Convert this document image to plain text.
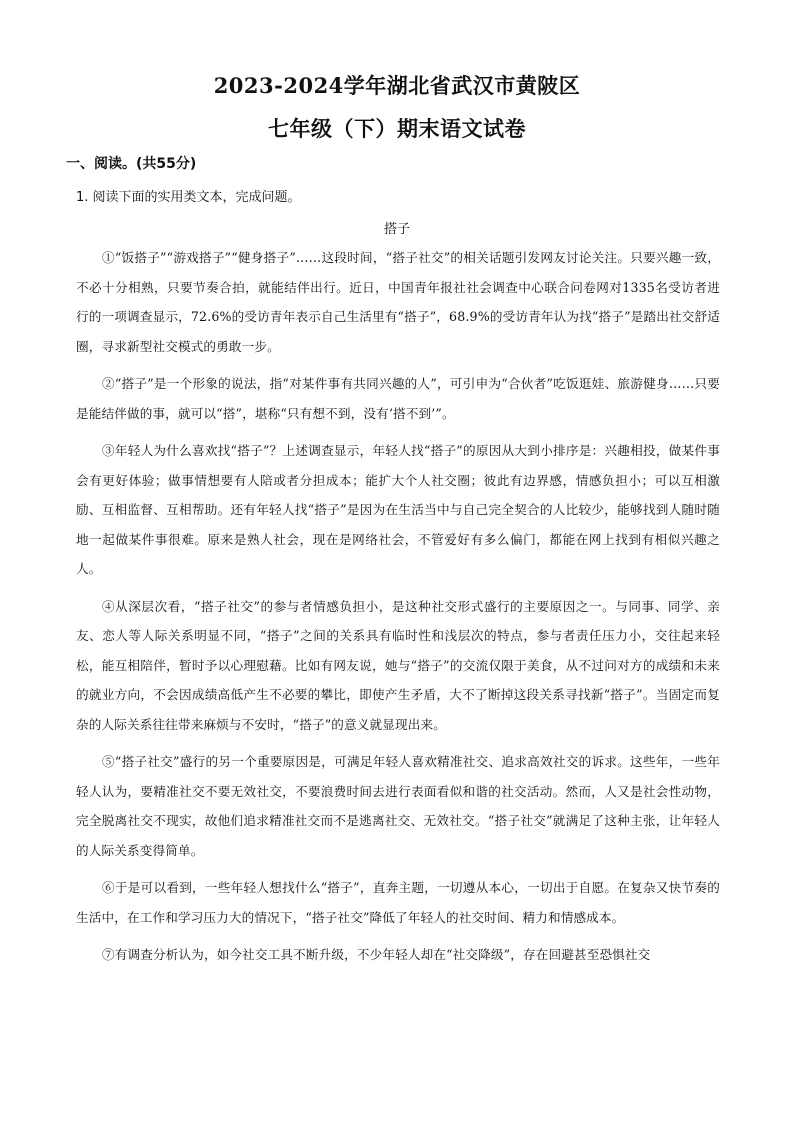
2023-2024学年湖北省武汉市黄陂区
七年级（下）期末语文试卷
一、阅读。(共55分)
1. 阅读下面的实用类文本，完成问题。
搭子

①“饭搭子”“游戏搭子”“健身搭子”……这段时间，“搭子社交”的相关话题引发网友讨论关注。只要兴趣一致，不必十分相熟，只要节奏合拍，就能结伴出行。近日，中国青年报社社会调查中心联合问卷网对1335名受访者进行的一项调查显示，72.6%的受访青年表示自己生活里有“搭子”，68.9%的受访青年认为找“搭子”是踏出社交舒适圈，寻求新型社交模式的勇敢一步。

②“搭子”是一个形象的说法，指“对某件事有共同兴趣的人”，可引申为“合伙者”吃饭逛娃、旅游健身……只要是能结伴做的事，就可以“搭”，堪称“只有想不到，没有‘搭不到’”。

③年轻人为什么喜欢找“搭子”？上述调查显示，年轻人找“搭子”的原因从大到小排序是：兴趣相投，做某件事会有更好体验；做事情想要有人陪或者分担成本；能扩大个人社交圈；彼此有边界感，情感负担小；可以互相激励、互相监督、互相帮助。还有年轻人找“搭子”是因为在生活当中与自己完全契合的人比较少，能够找到人随时随地一起做某件事很难。原来是熟人社会，现在是网络社会，不管爱好有多么偏门，都能在网上找到有相似兴趣之人。

④从深层次看，“搭子社交”的参与者情感负担小，是这种社交形式盛行的主要原因之一。与同事、同学、亲友、恋人等人际关系明显不同，“搭子”之间的关系具有临时性和浅层次的特点，参与者责任压力小，交往起来轻松，能互相陪伴，暂时予以心理慰藉。比如有网友说，她与“搭子”的交流仅限于美食，从不过问对方的成绩和未来的就业方向，不会因成绩高低产生不必要的攀比，即使产生矛盾，大不了断掉这段关系寻找新“搭子”。当固定而复杂的人际关系往往带来麻烦与不安时，“搭子”的意义就显现出来。

⑤“搭子社交”盛行的另一个重要原因是，可满足年轻人喜欢精准社交、追求高效社交的诉求。这些年，一些年轻人认为，要精准社交不要无效社交，不要浪费时间去进行表面看似和谐的社交活动。然而，人又是社会性动物，完全脱离社交不现实，故他们追求精准社交而不是逃离社交、无效社交。“搭子社交”就满足了这种主张，让年轻人的人际关系变得简单。

⑥于是可以看到，一些年轻人想找什么“搭子”，直奔主题，一切遵从本心，一切出于自愿。在复杂又快节奏的生活中，在工作和学习压力大的情况下，“搭子社交”降低了年轻人的社交时间、精力和情感成本。

⑦有调查分析认为，如今社交工具不断升级，不少年轻人却在“社交降级”，存在回避甚至恐惧社交
